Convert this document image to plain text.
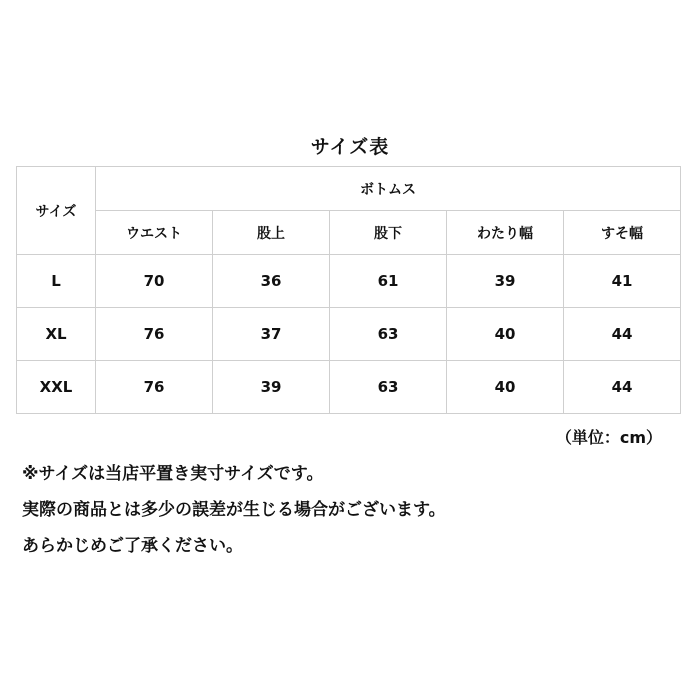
サイズ表
サイズ	ボトムス				
	ウエスト	股上	股下	わたり幅	すそ幅
L	70	36	61	39	41
XL	76	37	63	40	44
XXL	76	39	63	40	44
（単位：cm）
※サイズは当店平置き実寸サイズです。
実際の商品とは多少の誤差が生じる場合がございます。
あらかじめご了承ください。
